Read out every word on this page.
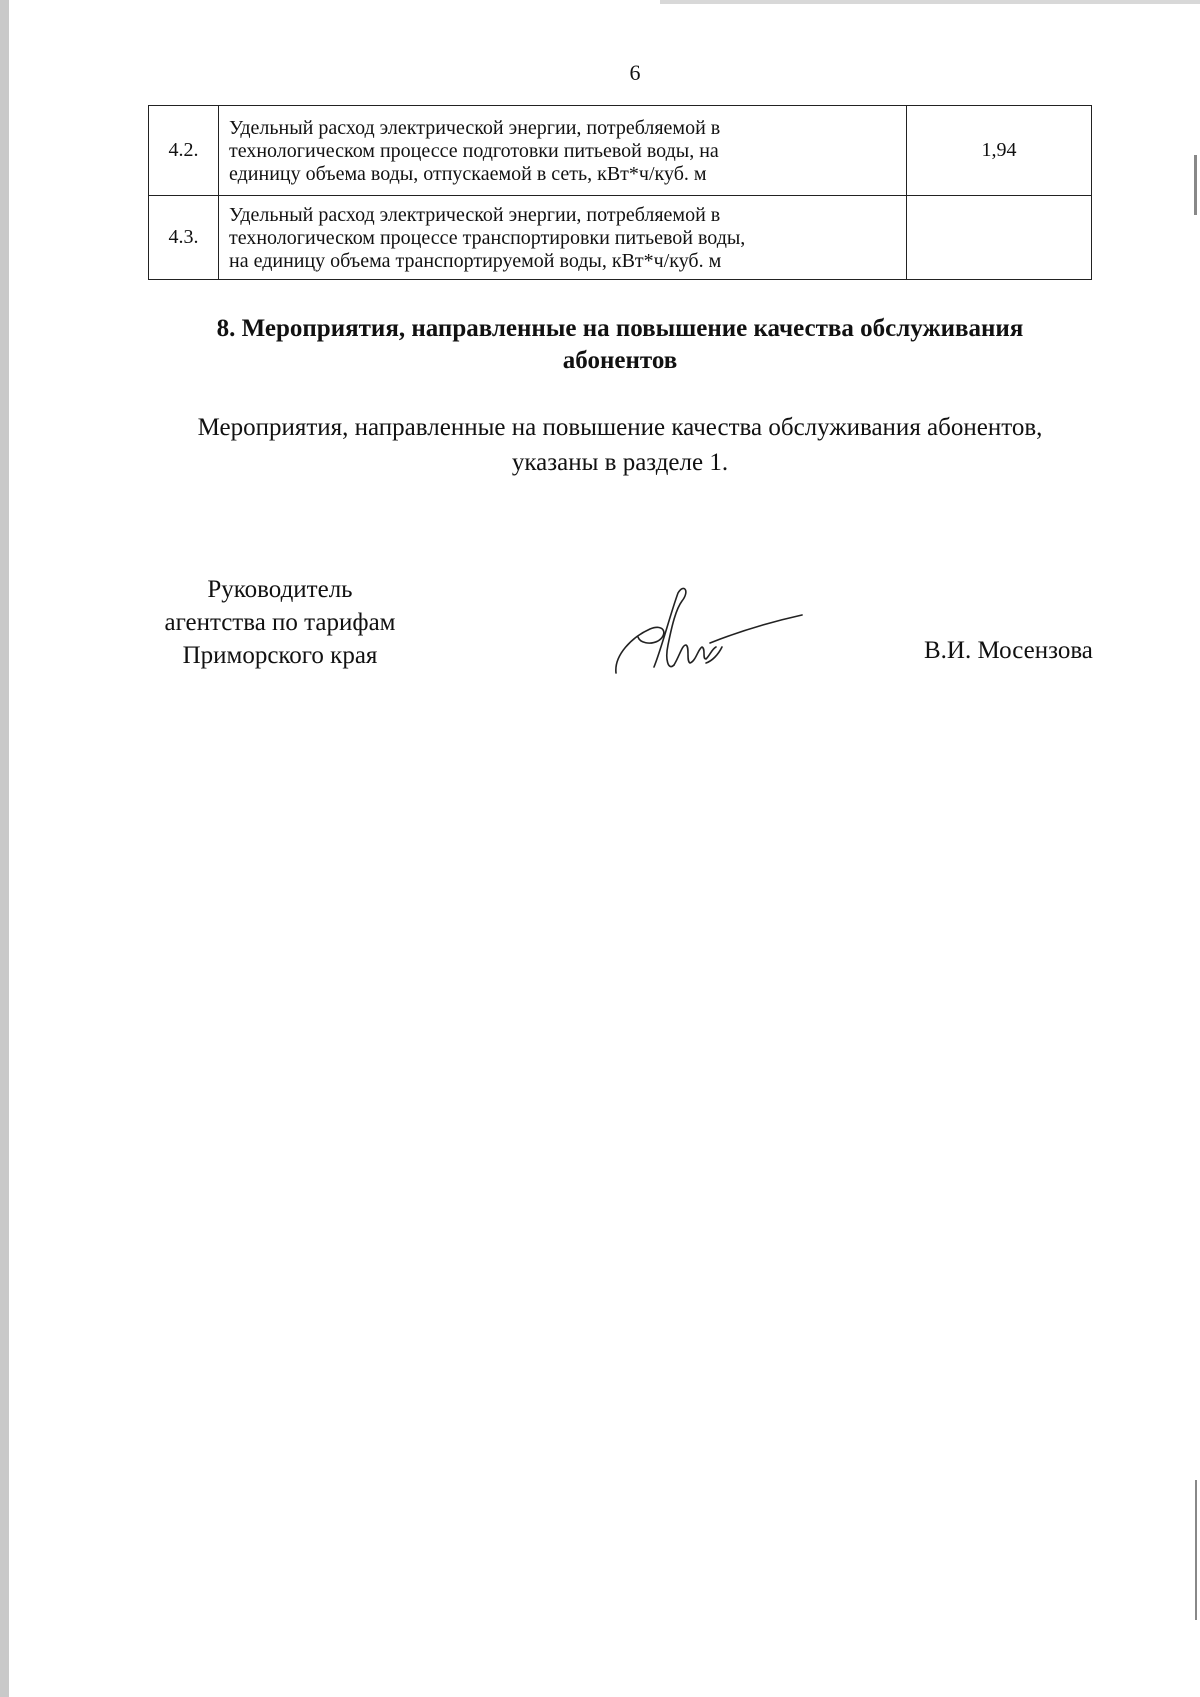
6
4.2.	Удельный расход электрической энергии, потребляемой в
технологическом процессе подготовки питьевой воды, на
единицу объема воды, отпускаемой в сеть, кВт*ч/куб. м	1,94
4.3.	Удельный расход электрической энергии, потребляемой в
технологическом процессе транспортировки питьевой воды,
на единицу объема транспортируемой воды, кВт*ч/куб. м	

8. Мероприятия, направленные на повышение качества обслуживания
абонентов
Мероприятия, направленные на повышение качества обслуживания абонентов,
указаны в разделе 1.
Руководитель
агентства по тарифам
Приморского края	В.И. Мосензова
